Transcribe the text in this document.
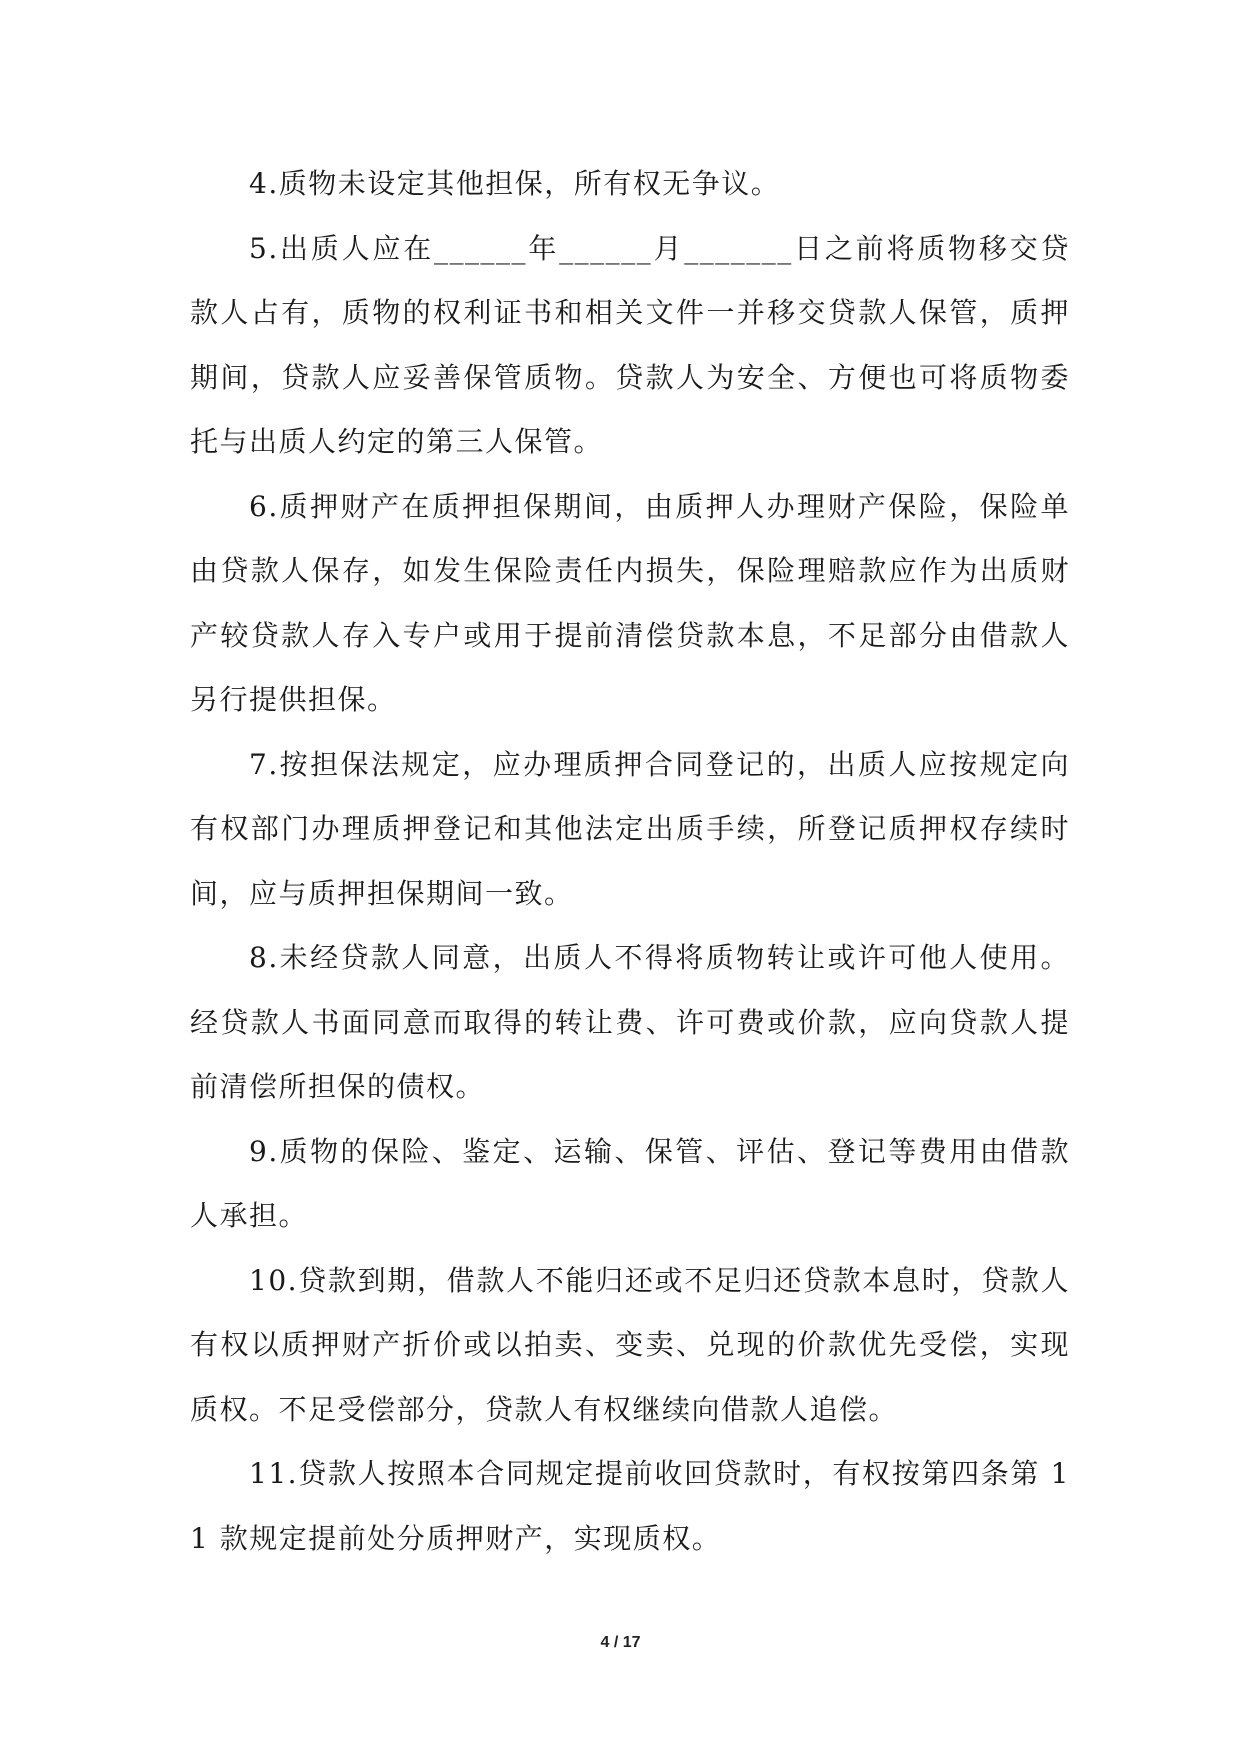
4.质物未设定其他担保，所有权无争议。

5.出质人应在______年______月_______日之前将质物移交贷款人占有，质物的权利证书和相关文件一并移交贷款人保管，质押期间，贷款人应妥善保管质物。贷款人为安全、方便也可将质物委托与出质人约定的第三人保管。

6.质押财产在质押担保期间，由质押人办理财产保险，保险单由贷款人保存，如发生保险责任内损失，保险理赔款应作为出质财产较贷款人存入专户或用于提前清偿贷款本息，不足部分由借款人另行提供担保。

7.按担保法规定，应办理质押合同登记的，出质人应按规定向有权部门办理质押登记和其他法定出质手续，所登记质押权存续时间，应与质押担保期间一致。

8.未经贷款人同意，出质人不得将质物转让或许可他人使用。经贷款人书面同意而取得的转让费、许可费或价款，应向贷款人提前清偿所担保的债权。

9.质物的保险、鉴定、运输、保管、评估、登记等费用由借款人承担。

10.贷款到期，借款人不能归还或不足归还贷款本息时，贷款人有权以质押财产折价或以拍卖、变卖、兑现的价款优先受偿，实现质权。不足受偿部分，贷款人有权继续向借款人追偿。

11.贷款人按照本合同规定提前收回贷款时，有权按第四条第 11 款规定提前处分质押财产，实现质权。

4 / 17
